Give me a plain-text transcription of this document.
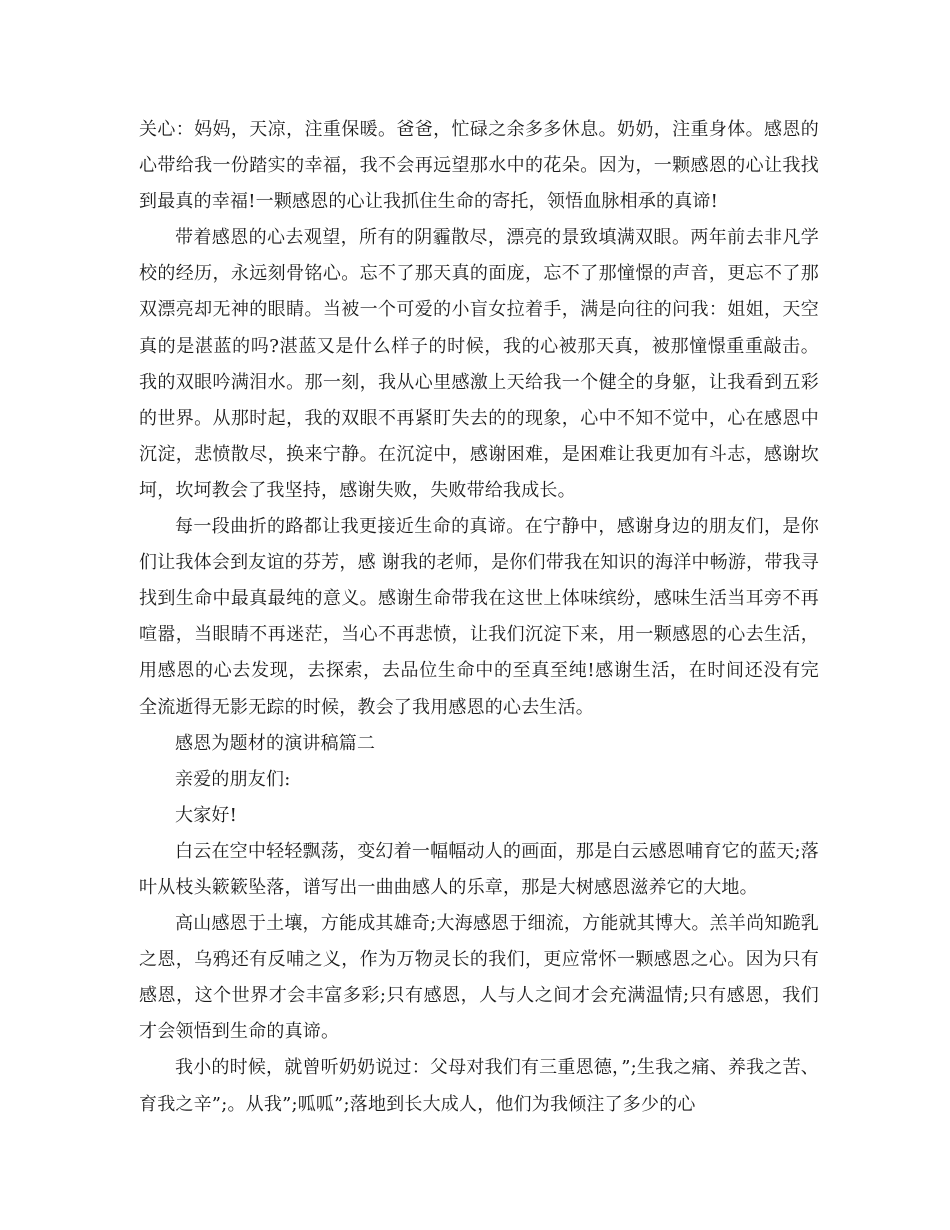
关心：妈妈，天凉，注重保暖。爸爸，忙碌之余多多休息。奶奶，注重身体。感恩的心带给我一份踏实的幸福，我不会再远望那水中的花朵。因为，一颗感恩的心让我找到最真的幸福!一颗感恩的心让我抓住生命的寄托，领悟血脉相承的真谛!

带着感恩的心去观望，所有的阴霾散尽，漂亮的景致填满双眼。两年前去非凡学校的经历，永远刻骨铭心。忘不了那天真的面庞，忘不了那憧憬的声音，更忘不了那双漂亮却无神的眼睛。当被一个可爱的小盲女拉着手，满是向往的问我：姐姐，天空真的是湛蓝的吗?湛蓝又是什么样子的时候，我的心被那天真，被那憧憬重重敲击。我的双眼吟满泪水。那一刻，我从心里感激上天给我一个健全的身躯，让我看到五彩的世界。从那时起，我的双眼不再紧盯失去的的现象，心中不知不觉中，心在感恩中沉淀，悲愤散尽，换来宁静。在沉淀中，感谢困难，是困难让我更加有斗志，感谢坎坷，坎坷教会了我坚持，感谢失败，失败带给我成长。

每一段曲折的路都让我更接近生命的真谛。在宁静中，感谢身边的朋友们，是你们让我体会到友谊的芬芳，感 谢我的老师，是你们带我在知识的海洋中畅游，带我寻找到生命中最真最纯的意义。感谢生命带我在这世上体味缤纷，感味生活当耳旁不再喧嚣，当眼睛不再迷茫，当心不再悲愤，让我们沉淀下来，用一颗感恩的心去生活，用感恩的心去发现，去探索，去品位生命中的至真至纯!感谢生活，在时间还没有完全流逝得无影无踪的时候，教会了我用感恩的心去生活。

感恩为题材的演讲稿篇二

亲爱的朋友们:

大家好!

白云在空中轻轻飘荡，变幻着一幅幅动人的画面，那是白云感恩哺育它的蓝天;落叶从枝头簌簌坠落，谱写出一曲曲感人的乐章，那是大树感恩滋养它的大地。

高山感恩于土壤，方能成其雄奇;大海感恩于细流，方能就其博大。羔羊尚知跪乳之恩，乌鸦还有反哺之义，作为万物灵长的我们，更应常怀一颗感恩之心。因为只有感恩，这个世界才会丰富多彩;只有感恩，人与人之间才会充满温情;只有感恩，我们才会领悟到生命的真谛。

我小的时候，就曾听奶奶说过：父母对我们有三重恩德，”;生我之痛、养我之苦、育我之辛”;。从我”;呱呱”;落地到长大成人，他们为我倾注了多少的心
